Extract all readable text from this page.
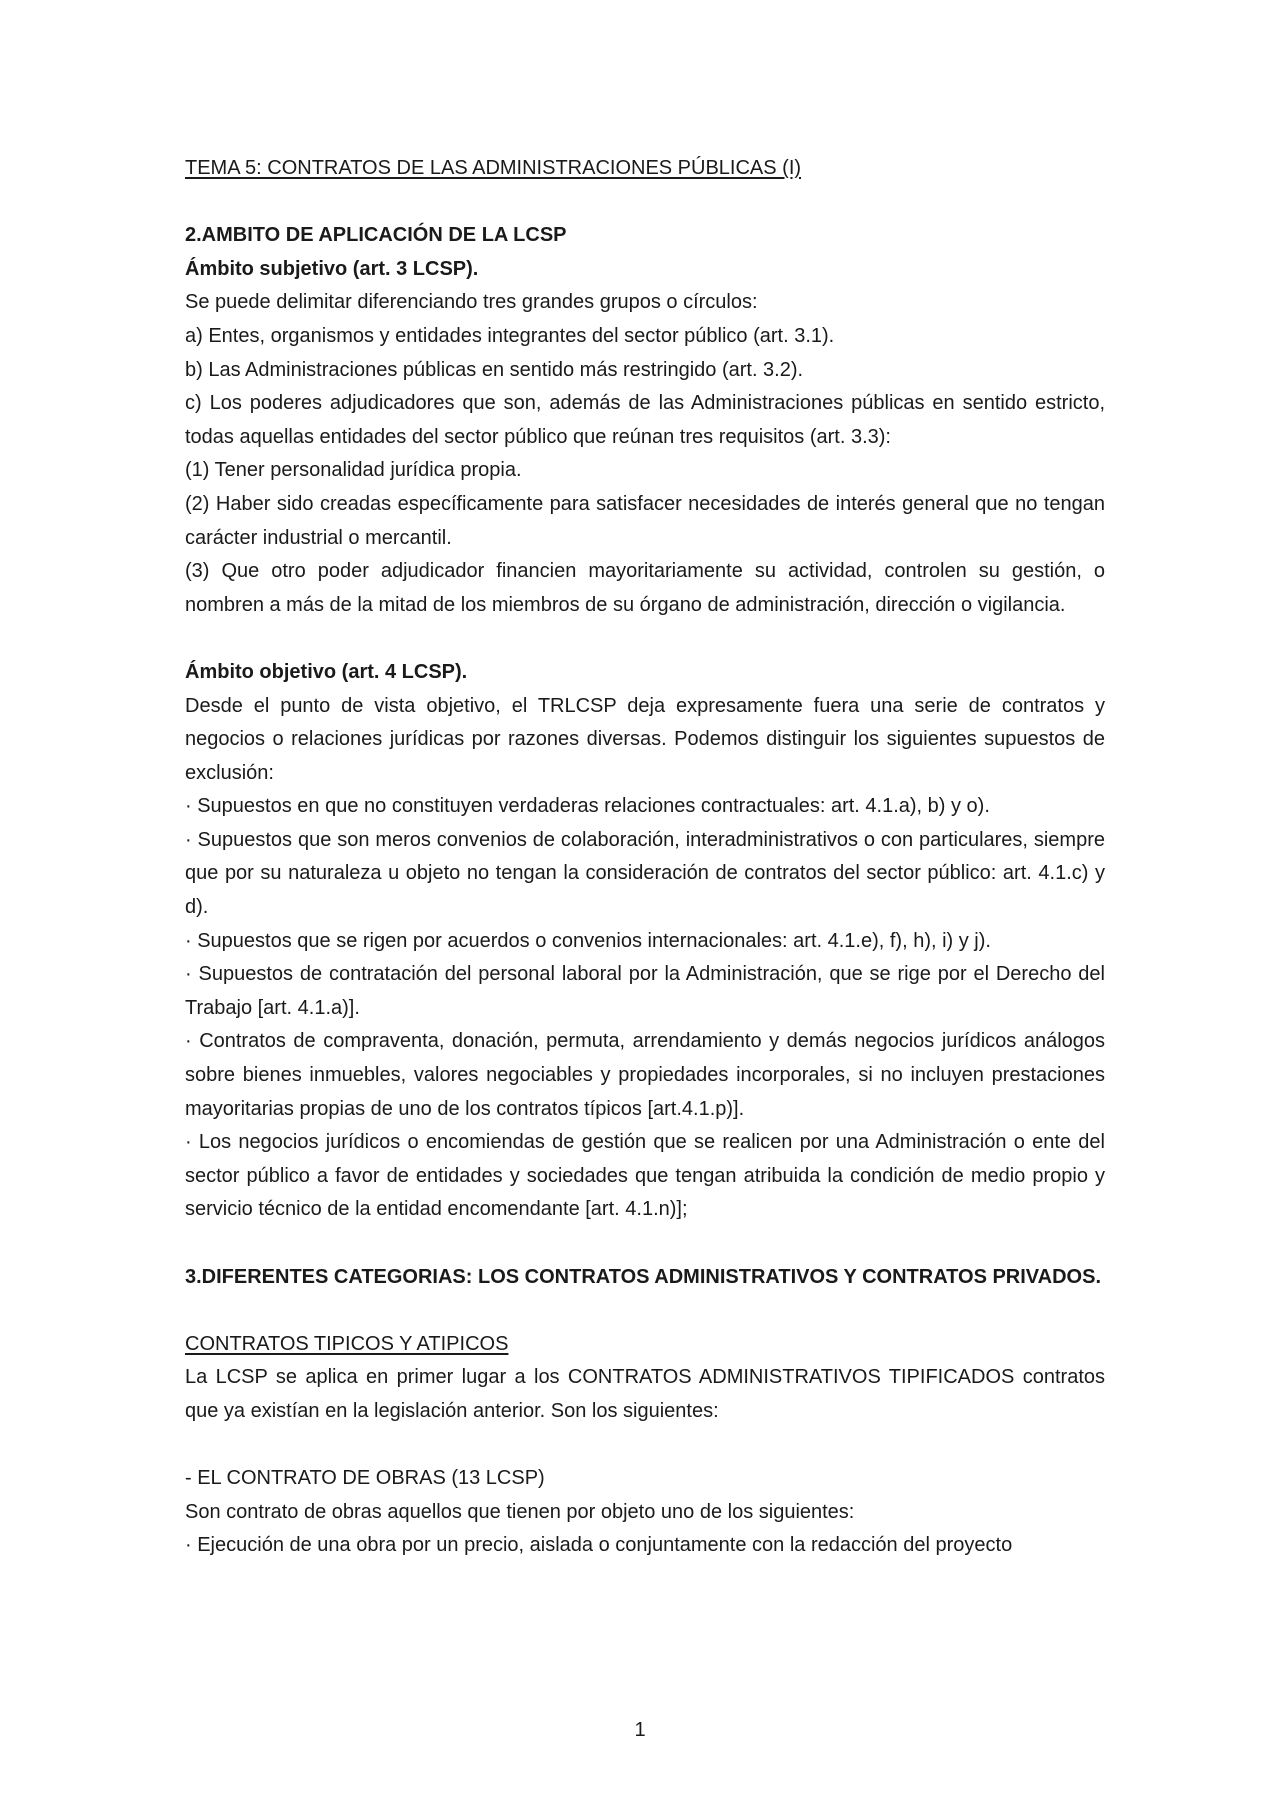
TEMA 5: CONTRATOS DE LAS ADMINISTRACIONES PÚBLICAS (I)

2.AMBITO DE APLICACIÓN DE LA LCSP

Ámbito subjetivo (art. 3 LCSP).

Se puede delimitar diferenciando tres grandes grupos o círculos:

a) Entes, organismos y entidades integrantes del sector público (art. 3.1).

b) Las Administraciones públicas en sentido más restringido (art. 3.2).

c) Los poderes adjudicadores que son, además de las Administraciones públicas en sentido estricto, todas aquellas entidades del sector público que reúnan tres requisitos (art. 3.3):

(1) Tener personalidad jurídica propia.

(2) Haber sido creadas específicamente para satisfacer necesidades de interés general que no tengan carácter industrial o mercantil.

(3) Que otro poder adjudicador financien mayoritariamente su actividad, controlen su gestión, o nombren a más de la mitad de los miembros de su órgano de administración, dirección o vigilancia.

Ámbito objetivo (art. 4 LCSP).

Desde el punto de vista objetivo, el TRLCSP deja expresamente fuera una serie de contratos y negocios o relaciones jurídicas por razones diversas. Podemos distinguir los siguientes supuestos de exclusión:

· Supuestos en que no constituyen verdaderas relaciones contractuales: art. 4.1.a), b) y o).

· Supuestos que son meros convenios de colaboración, interadministrativos o con particulares, siempre que por su naturaleza u objeto no tengan la consideración de contratos del sector público: art. 4.1.c) y d).

· Supuestos que se rigen por acuerdos o convenios internacionales: art. 4.1.e), f), h), i) y j).

· Supuestos de contratación del personal laboral por la Administración, que se rige por el Derecho del Trabajo [art. 4.1.a)].

· Contratos de compraventa, donación, permuta, arrendamiento y demás negocios jurídicos análogos sobre bienes inmuebles, valores negociables y propiedades incorporales, si no incluyen prestaciones mayoritarias propias de uno de los contratos típicos [art.4.1.p)].

· Los negocios jurídicos o encomiendas de gestión que se realicen por una Administración o ente del sector público a favor de entidades y sociedades que tengan atribuida la condición de medio propio y servicio técnico de la entidad encomendante [art. 4.1.n)];

3.DIFERENTES CATEGORIAS: LOS CONTRATOS ADMINISTRATIVOS Y CONTRATOS PRIVADOS.

CONTRATOS TIPICOS Y ATIPICOS

La LCSP se aplica en primer lugar a los CONTRATOS ADMINISTRATIVOS TIPIFICADOS contratos que ya existían en la legislación anterior. Son los siguientes:

- EL CONTRATO DE OBRAS (13 LCSP)

Son contrato de obras aquellos que tienen por objeto uno de los siguientes:

· Ejecución de una obra por un precio, aislada o conjuntamente con la redacción del proyecto

1
